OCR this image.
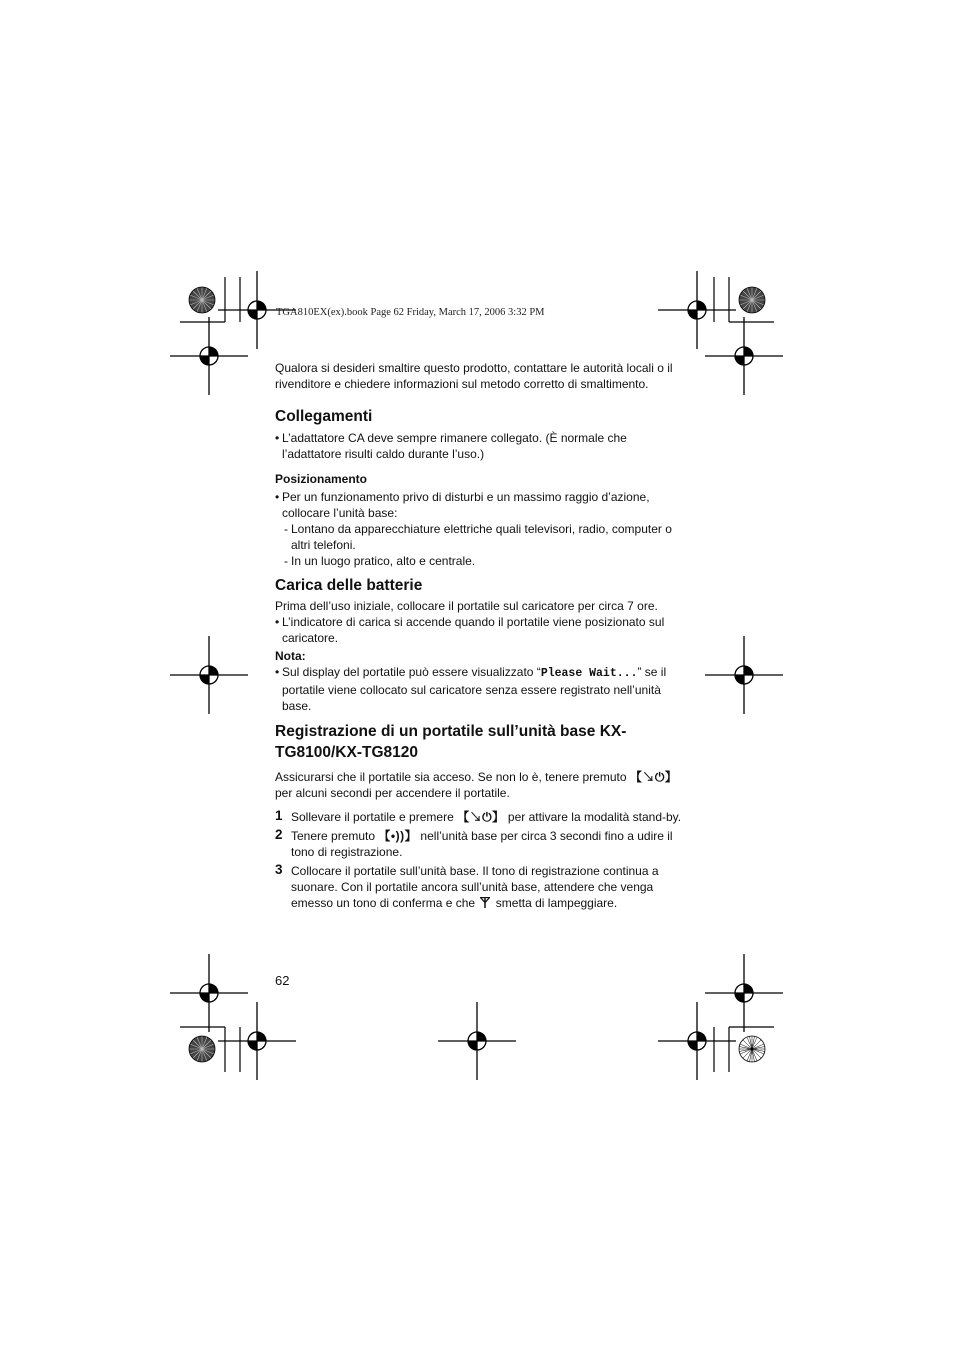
TGA810EX(ex).book Page 62 Friday, March 17, 2006 3:32 PM

Qualora si desideri smaltire questo prodotto, contattare le autorità locali o il rivenditore e chiedere informazioni sul metodo corretto di smaltimento.

Collegamenti

• L’adattatore CA deve sempre rimanere collegato. (È normale che l’adattatore risulti caldo durante l’uso.)

Posizionamento

• Per un funzionamento privo di disturbi e un massimo raggio d’azione, collocare l’unità base:

- Lontano da apparecchiature elettriche quali televisori, radio, computer o altri telefoni.

- In un luogo pratico, alto e centrale.

Carica delle batterie

Prima dell’uso iniziale, collocare il portatile sul caricatore per circa 7 ore.

• L’indicatore di carica si accende quando il portatile viene posizionato sul caricatore.

Nota:

• Sul display del portatile può essere visualizzato “Please Wait...” se il portatile viene collocato sul caricatore senza essere registrato nell’unità base.

Registrazione di un portatile sull’unità base KX-TG8100/KX-TG8120

Assicurarsi che il portatile sia acceso. Se non lo è, tenere premuto 【↘⏻】 per alcuni secondi per accendere il portatile.

1 Sollevare il portatile e premere 【↘⏻】 per attivare la modalità stand-by.

2 Tenere premuto 【•))】 nell’unità base per circa 3 secondi fino a udire il tono di registrazione.

3 Collocare il portatile sull’unità base. Il tono di registrazione continua a suonare. Con il portatile ancora sull’unità base, attendere che venga emesso un tono di conferma e che  smetta di lampeggiare.

62
